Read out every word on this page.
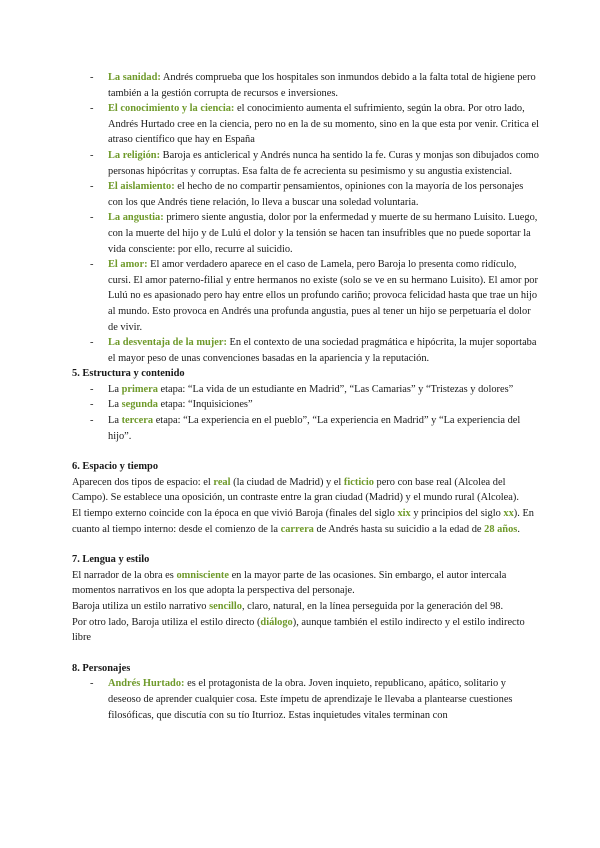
- La sanidad: Andrés comprueba que los hospitales son inmundos debido a la falta total de higiene pero también a la gestión corrupta de recursos e inversiones.
- El conocimiento y la ciencia: el conocimiento aumenta el sufrimiento, según la obra. Por otro lado, Andrés Hurtado cree en la ciencia, pero no en la de su momento, sino en la que esta por venir. Critica el atraso científico que hay en España
- La religión: Baroja es anticlerical y Andrés nunca ha sentido la fe. Curas y monjas son dibujados como personas hipócritas y corruptas. Esa falta de fe acrecienta su pesimismo y su angustia existencial.
- El aislamiento: el hecho de no compartir pensamientos, opiniones con la mayoría de los personajes con los que Andrés tiene relación, lo lleva a buscar una soledad voluntaria.
- La angustia: primero siente angustia, dolor por la enfermedad y muerte de su hermano Luisito. Luego, con la muerte del hijo y de Lulú el dolor y la tensión se hacen tan insufribles que no puede soportar la vida consciente: por ello, recurre al suicidio.
- El amor: El amor verdadero aparece en el caso de Lamela, pero Baroja lo presenta como ridículo, cursi. El amor paterno-filial y entre hermanos no existe (solo se ve en su hermano Luisito). El amor por Lulú no es apasionado pero hay entre ellos un profundo cariño; provoca felicidad hasta que trae un hijo al mundo. Esto provoca en Andrés una profunda angustia, pues al tener un hijo se perpetuaría el dolor de vivir.
- La desventaja de la mujer: En el contexto de una sociedad pragmática e hipócrita, la mujer soportaba el mayor peso de unas convenciones basadas en la apariencia y la reputación.
5. Estructura y contenido
- La primera etapa: “La vida de un estudiante en Madrid”, “Las Camarias” y “Tristezas y dolores”
- La segunda etapa: “Inquisiciones”
- La tercera etapa: “La experiencia en el pueblo”, “La experiencia en Madrid” y “La experiencia del hijo”.
6. Espacio y tiempo
Aparecen dos tipos de espacio: el real (la ciudad de Madrid) y el ficticio pero con base real (Alcolea del Campo). Se establece una oposición, un contraste entre la gran ciudad (Madrid) y el mundo rural (Alcolea).
El tiempo externo coincide con la época en que vivió Baroja (finales del siglo xix y principios del siglo xx). En cuanto al tiempo interno: desde el comienzo de la carrera de Andrés hasta su suicidio a la edad de 28 años.
7. Lengua y estilo
El narrador de la obra es omnisciente en la mayor parte de las ocasiones. Sin embargo, el autor intercala momentos narrativos en los que adopta la perspectiva del personaje.
Baroja utiliza un estilo narrativo sencillo, claro, natural, en la línea perseguida por la generación del 98.
Por otro lado, Baroja utiliza el estilo directo (diálogo), aunque también el estilo indirecto y el estilo indirecto libre
8. Personajes
- Andrés Hurtado: es el protagonista de la obra. Joven inquieto, republicano, apático, solitario y deseoso de aprender cualquier cosa. Este ímpetu de aprendizaje le llevaba a plantearse cuestiones filosóficas, que discutía con su tío Iturrioz. Estas inquietudes vitales terminan con
